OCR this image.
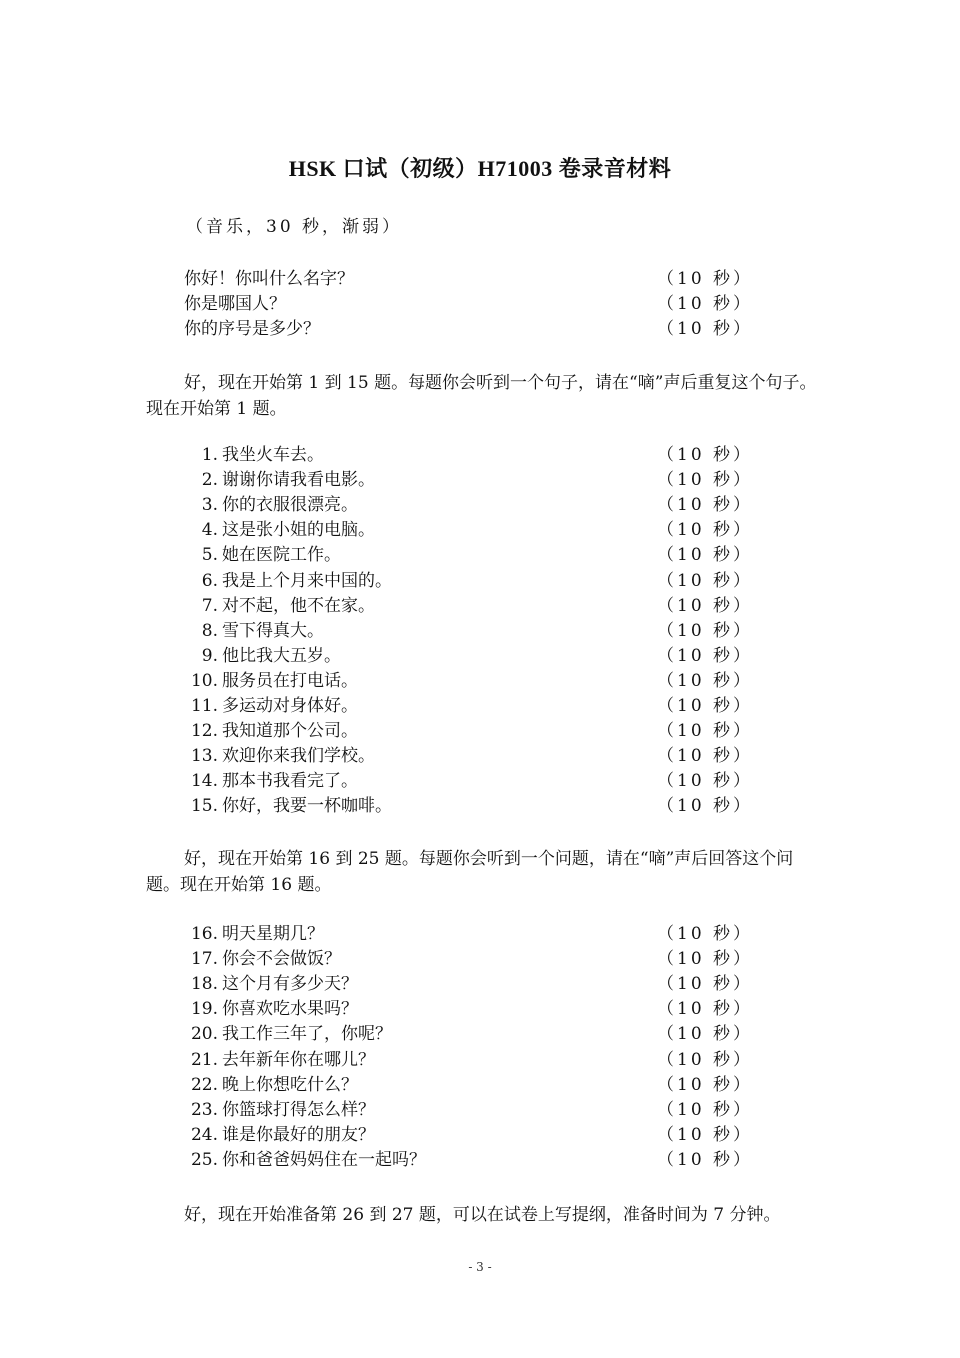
HSK 口试（初级）H71003 卷录音材料
（音乐，30 秒，渐弱）
你好！你叫什么名字？	（10 秒）
你是哪国人？	（10 秒）
你的序号是多少？	（10 秒）
好，现在开始第 1 到 15 题。每题你会听到一个句子，请在“嘀”声后重复这个句子。现在开始第 1 题。
1. 我坐火车去。	（10 秒）
2. 谢谢你请我看电影。	（10 秒）
3. 你的衣服很漂亮。	（10 秒）
4. 这是张小姐的电脑。	（10 秒）
5. 她在医院工作。	（10 秒）
6. 我是上个月来中国的。	（10 秒）
7. 对不起，他不在家。	（10 秒）
8. 雪下得真大。	（10 秒）
9. 他比我大五岁。	（10 秒）
10. 服务员在打电话。	（10 秒）
11. 多运动对身体好。	（10 秒）
12. 我知道那个公司。	（10 秒）
13. 欢迎你来我们学校。	（10 秒）
14. 那本书我看完了。	（10 秒）
15. 你好，我要一杯咖啡。	（10 秒）
好，现在开始第 16 到 25 题。每题你会听到一个问题，请在“嘀”声后回答这个问题。现在开始第 16 题。
16. 明天星期几？	（10 秒）
17. 你会不会做饭？	（10 秒）
18. 这个月有多少天？	（10 秒）
19. 你喜欢吃水果吗？	（10 秒）
20. 我工作三年了，你呢？	（10 秒）
21. 去年新年你在哪儿？	（10 秒）
22. 晚上你想吃什么？	（10 秒）
23. 你篮球打得怎么样？	（10 秒）
24. 谁是你最好的朋友？	（10 秒）
25. 你和爸爸妈妈住在一起吗？	（10 秒）
好，现在开始准备第 26 到 27 题，可以在试卷上写提纲，准备时间为 7 分钟。
- 3 -
